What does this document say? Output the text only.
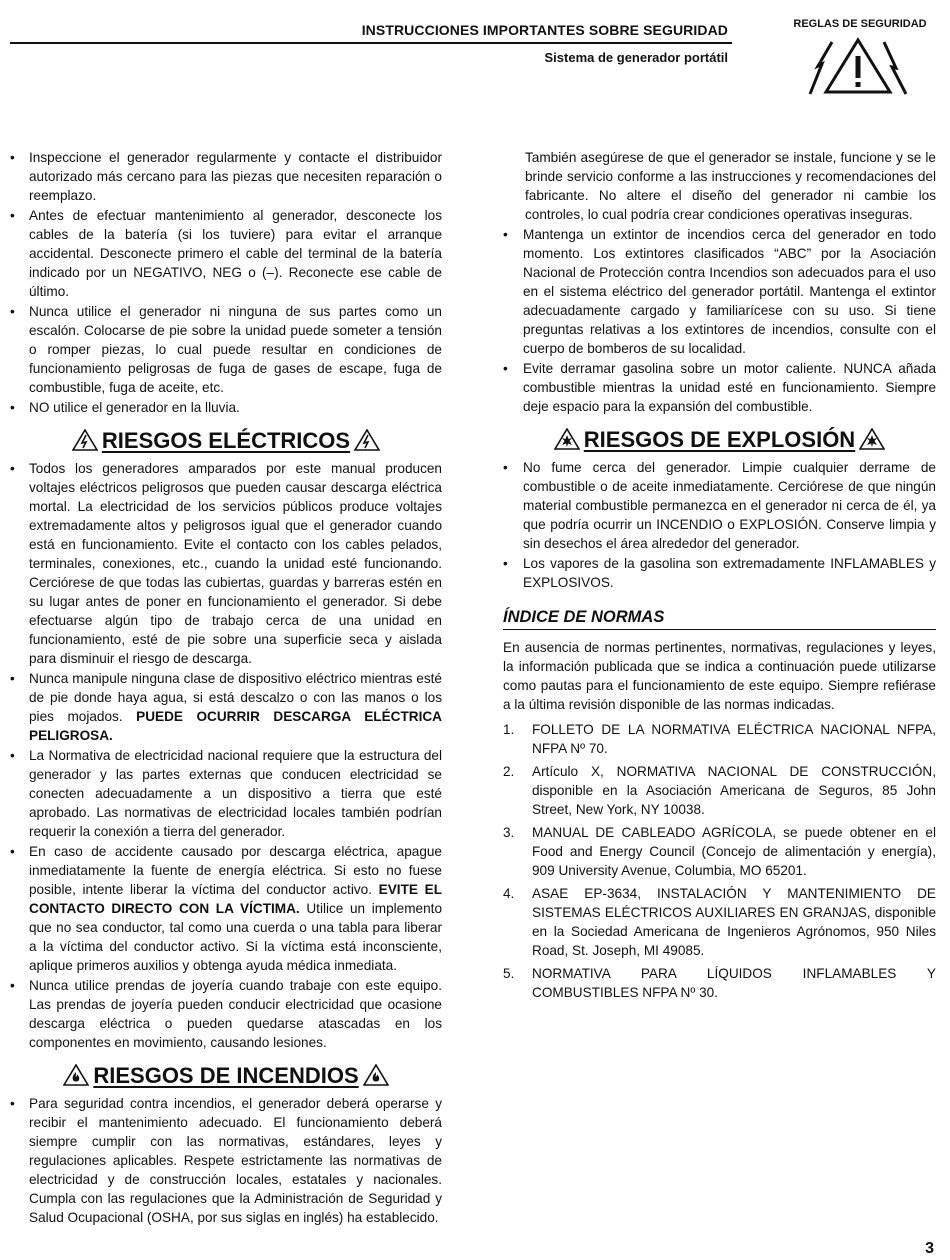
INSTRUCCIONES IMPORTANTES SOBRE SEGURIDAD
Sistema de generador portátil
REGLAS DE SEGURIDAD
• Inspeccione el generador regularmente y contacte el distribuidor autorizado más cercano para las piezas que necesiten reparación o reemplazo.
• Antes de efectuar mantenimiento al generador, desconecte los cables de la batería (si los tuviere) para evitar el arranque accidental. Desconecte primero el cable del terminal de la batería indicado por un NEGATIVO, NEG o (–). Reconecte ese cable de último.
• Nunca utilice el generador ni ninguna de sus partes como un escalón. Colocarse de pie sobre la unidad puede someter a tensión o romper piezas, lo cual puede resultar en condiciones de funcionamiento peligrosas de fuga de gases de escape, fuga de combustible, fuga de aceite, etc.
• NO utilice el generador en la lluvia.
RIESGOS ELÉCTRICOS
• Todos los generadores amparados por este manual producen voltajes eléctricos peligrosos que pueden causar descarga eléctrica mortal. La electricidad de los servicios públicos produce voltajes extremadamente altos y peligrosos igual que el generador cuando está en funcionamiento. Evite el contacto con los cables pelados, terminales, conexiones, etc., cuando la unidad esté funcionando. Cerciórese de que todas las cubiertas, guardas y barreras estén en su lugar antes de poner en funcionamiento el generador. Si debe efectuarse algún tipo de trabajo cerca de una unidad en funcionamiento, esté de pie sobre una superficie seca y aislada para disminuir el riesgo de descarga.
• Nunca manipule ninguna clase de dispositivo eléctrico mientras esté de pie donde haya agua, si está descalzo o con las manos o los pies mojados. PUEDE OCURRIR DESCARGA ELÉCTRICA PELIGROSA.
• La Normativa de electricidad nacional requiere que la estructura del generador y las partes externas que conducen electricidad se conecten adecuadamente a un dispositivo a tierra que esté aprobado. Las normativas de electricidad locales también podrían requerir la conexión a tierra del generador.
• En caso de accidente causado por descarga eléctrica, apague inmediatamente la fuente de energía eléctrica. Si esto no fuese posible, intente liberar la víctima del conductor activo. EVITE EL CONTACTO DIRECTO CON LA VÍCTIMA. Utilice un implemento que no sea conductor, tal como una cuerda o una tabla para liberar a la víctima del conductor activo. Si la víctima está inconsciente, aplique primeros auxilios y obtenga ayuda médica inmediata.
• Nunca utilice prendas de joyería cuando trabaje con este equipo. Las prendas de joyería pueden conducir electricidad que ocasione descarga eléctrica o pueden quedarse atascadas en los componentes en movimiento, causando lesiones.
RIESGOS DE INCENDIOS
• Para seguridad contra incendios, el generador deberá operarse y recibir el mantenimiento adecuado. El funcionamiento deberá siempre cumplir con las normativas, estándares, leyes y regulaciones aplicables. Respete estrictamente las normativas de electricidad y de construcción locales, estatales y nacionales. Cumpla con las regulaciones que la Administración de Seguridad y Salud Ocupacional (OSHA, por sus siglas en inglés) ha establecido.
También asegúrese de que el generador se instale, funcione y se le brinde servicio conforme a las instrucciones y recomendaciones del fabricante. No altere el diseño del generador ni cambie los controles, lo cual podría crear condiciones operativas inseguras.
• Mantenga un extintor de incendios cerca del generador en todo momento. Los extintores clasificados “ABC” por la Asociación Nacional de Protección contra Incendios son adecuados para el uso en el sistema eléctrico del generador portátil. Mantenga el extintor adecuadamente cargado y familiarícese con su uso. Si tiene preguntas relativas a los extintores de incendios, consulte con el cuerpo de bomberos de su localidad.
• Evite derramar gasolina sobre un motor caliente. NUNCA añada combustible mientras la unidad esté en funcionamiento. Siempre deje espacio para la expansión del combustible.
RIESGOS DE EXPLOSIÓN
• No fume cerca del generador. Limpie cualquier derrame de combustible o de aceite inmediatamente. Cerciórese de que ningún material combustible permanezca en el generador ni cerca de él, ya que podría ocurrir un INCENDIO o EXPLOSIÓN. Conserve limpia y sin desechos el área alrededor del generador.
• Los vapores de la gasolina son extremadamente INFLAMABLES y EXPLOSIVOS.
ÍNDICE DE NORMAS
En ausencia de normas pertinentes, normativas, regulaciones y leyes, la información publicada que se indica a continuación puede utilizarse como pautas para el funcionamiento de este equipo. Siempre refiérase a la última revisión disponible de las normas indicadas.
1. FOLLETO DE LA NORMATIVA ELÉCTRICA NACIONAL NFPA, NFPA Nº 70.
2. Artículo X, NORMATIVA NACIONAL DE CONSTRUCCIÓN, disponible en la Asociación Americana de Seguros, 85 John Street, New York, NY 10038.
3. MANUAL DE CABLEADO AGRÍCOLA, se puede obtener en el Food and Energy Council (Concejo de alimentación y energía), 909 University Avenue, Columbia, MO 65201.
4. ASAE EP-3634, INSTALACIÓN Y MANTENIMIENTO DE SISTEMAS ELÉCTRICOS AUXILIARES EN GRANJAS, disponible en la Sociedad Americana de Ingenieros Agrónomos, 950 Niles Road, St. Joseph, MI 49085.
5. NORMATIVA PARA LÍQUIDOS INFLAMABLES Y COMBUSTIBLES NFPA Nº 30.
3
